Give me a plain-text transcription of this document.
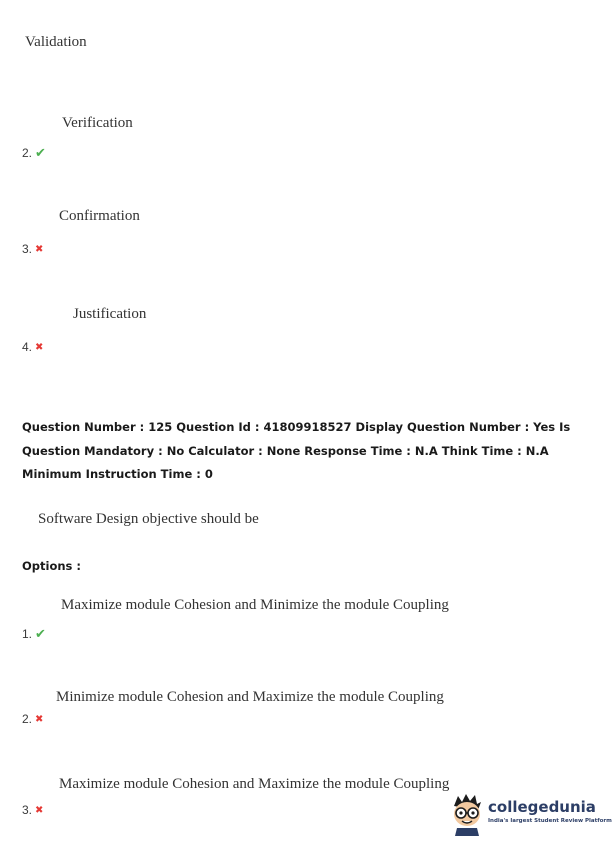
Validation
Verification
2. ✔
Confirmation
3. ✖
Justification
4. ✖
Question Number : 125 Question Id : 41809918527 Display Question Number : Yes Is Question Mandatory : No Calculator : None Response Time : N.A Think Time : N.A Minimum Instruction Time : 0
Software Design objective should be
Options :
Maximize module Cohesion and Minimize the module Coupling
1. ✔
Minimize module Cohesion and Maximize the module Coupling
2. ✖
Maximize module Cohesion and Maximize the module Coupling
3. ✖	collegedunia
India's largest Student Review Platform
